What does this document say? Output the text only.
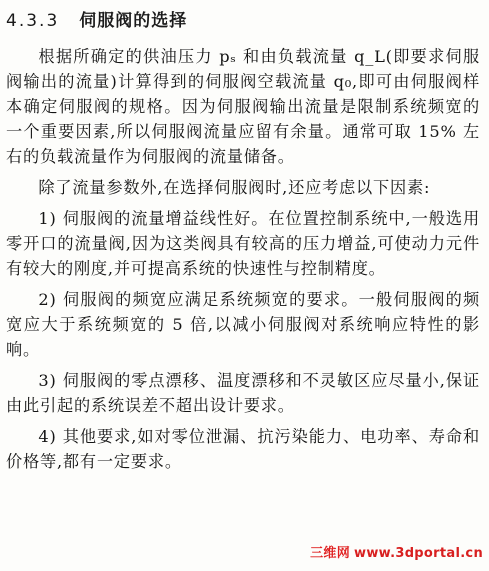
4.3.3 伺服阀的选择

根据所确定的供油压力 pₛ 和由负载流量 q_L(即要求伺服阀输出的流量)计算得到的伺服阀空载流量 q₀,即可由伺服阀样本确定伺服阀的规格。因为伺服阀输出流量是限制系统频宽的一个重要因素,所以伺服阀流量应留有余量。通常可取 15% 左右的负载流量作为伺服阀的流量储备。

除了流量参数外,在选择伺服阀时,还应考虑以下因素:

1) 伺服阀的流量增益线性好。在位置控制系统中,一般选用零开口的流量阀,因为这类阀具有较高的压力增益,可使动力元件有较大的刚度,并可提高系统的快速性与控制精度。

2) 伺服阀的频宽应满足系统频宽的要求。一般伺服阀的频宽应大于系统频宽的 5 倍,以减小伺服阀对系统响应特性的影响。

3) 伺服阀的零点漂移、温度漂移和不灵敏区应尽量小,保证由此引起的系统误差不超出设计要求。

4) 其他要求,如对零位泄漏、抗污染能力、电功率、寿命和价格等,都有一定要求。

三维网 www.3dportal.cn
